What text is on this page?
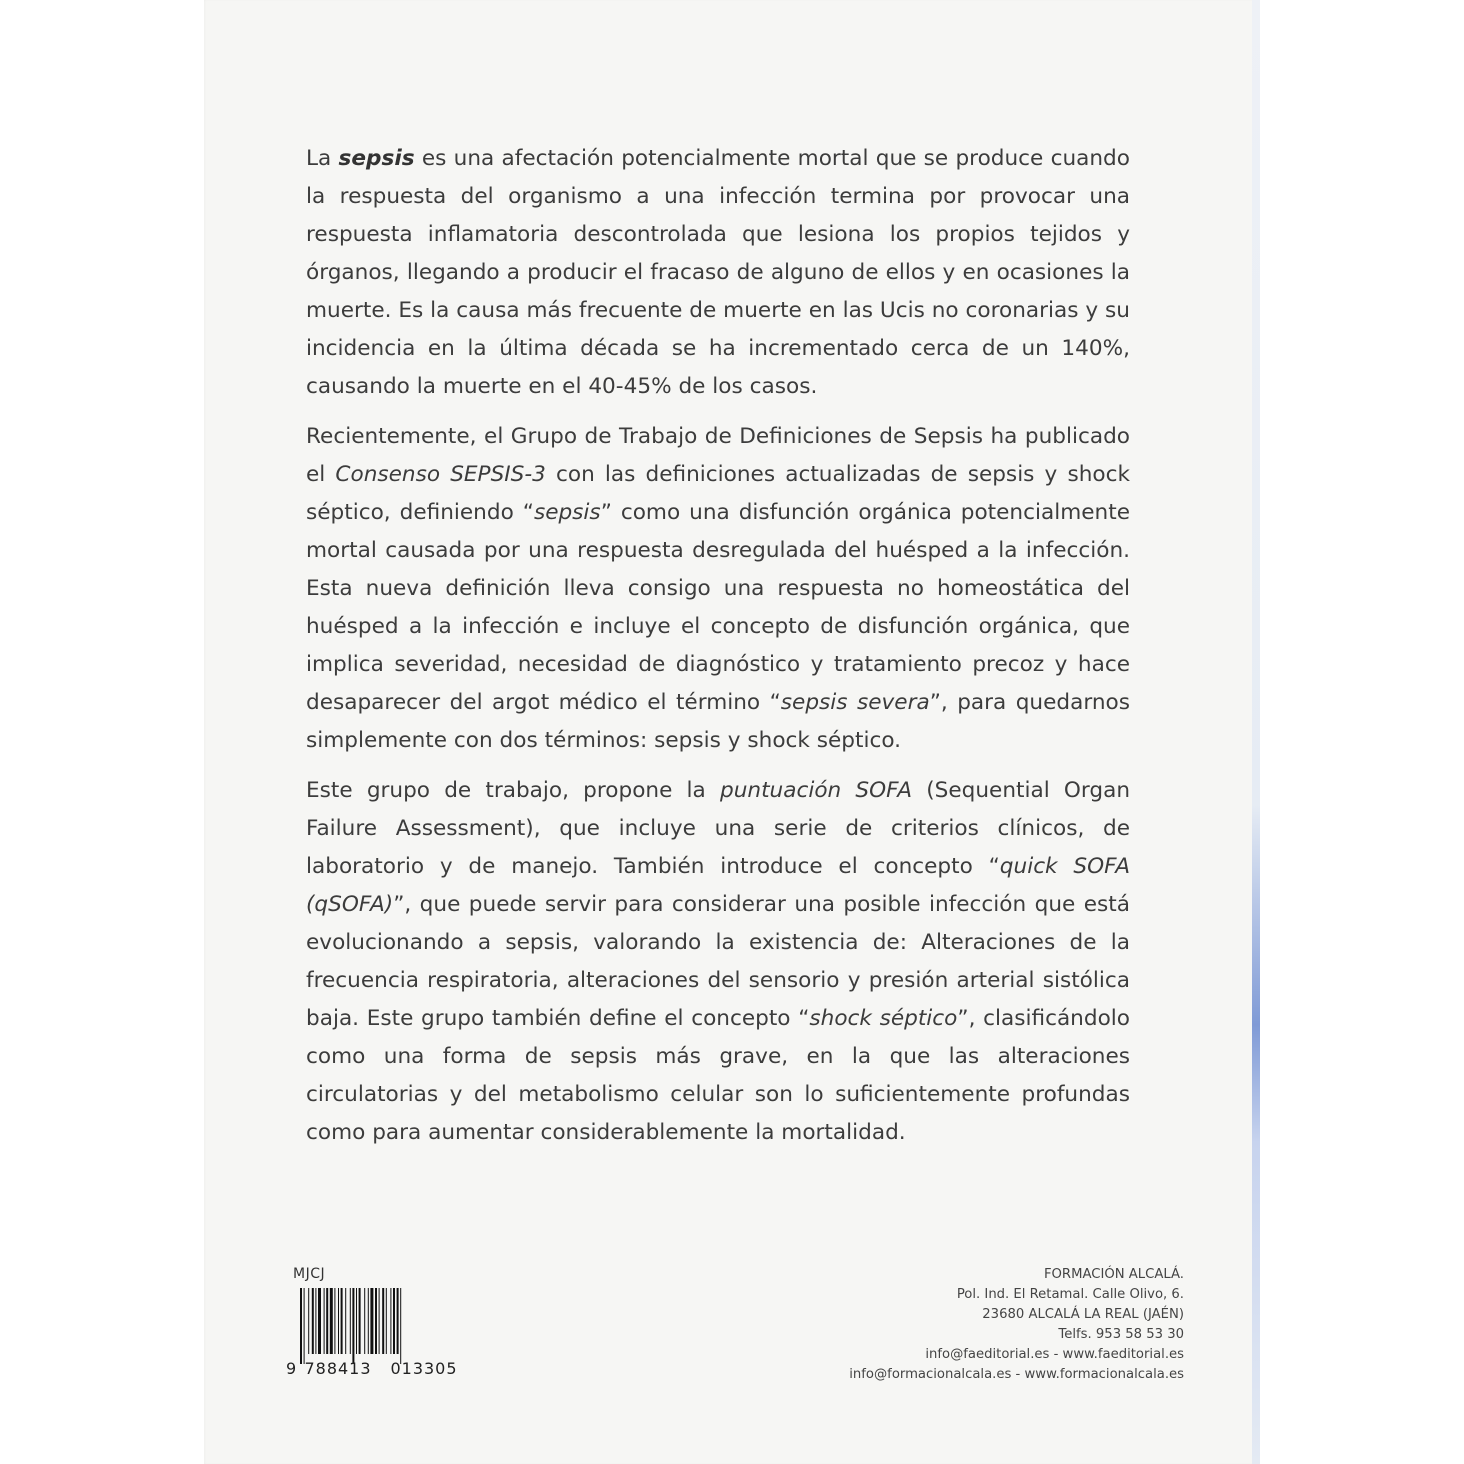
La sepsis es una afectación potencialmente mortal que se produce cuando la respuesta del organismo a una infección termina por provocar una respuesta inflamatoria descontrolada que lesiona los propios tejidos y órganos, llegando a producir el fracaso de alguno de ellos y en ocasiones la muerte. Es la causa más frecuente de muerte en las Ucis no coronarias y su incidencia en la última década se ha incrementado cerca de un 140%, causando la muerte en el 40-45% de los casos.

Recientemente, el Grupo de Trabajo de Definiciones de Sepsis ha publicado el Consenso SEPSIS-3 con las definiciones actualizadas de sepsis y shock séptico, definiendo “sepsis” como una disfunción orgánica potencialmente mortal causada por una respuesta desregulada del huésped a la infección. Esta nueva definición lleva consigo una respuesta no homeostática del huésped a la infección e incluye el concepto de disfunción orgánica, que implica severidad, necesidad de diagnóstico y tratamiento precoz y hace desaparecer del argot médico el término “sepsis severa”, para quedarnos simplemente con dos términos: sepsis y shock séptico.

Este grupo de trabajo, propone la puntuación SOFA (Sequential Organ Failure Assessment), que incluye una serie de criterios clínicos, de laboratorio y de manejo. También introduce el concepto “quick SOFA (qSOFA)”, que puede servir para considerar una posible infección que está evolucionando a sepsis, valorando la existencia de: Alteraciones de la frecuencia respiratoria, alteraciones del sensorio y presión arterial sistólica baja. Este grupo también define el concepto “shock séptico”, clasificándolo como una forma de sepsis más grave, en la que las alteraciones circulatorias y del metabolismo celular son lo suficientemente profundas como para aumentar considerablemente la mortalidad.

MJCJ
9 788413 013305
FORMACIÓN ALCALÁ.
Pol. Ind. El Retamal. Calle Olivo, 6.
23680 ALCALÁ LA REAL (JAÉN)
Telfs. 953 58 53 30
info@faeditorial.es - www.faeditorial.es
info@formacionalcala.es - www.formacionalcala.es
